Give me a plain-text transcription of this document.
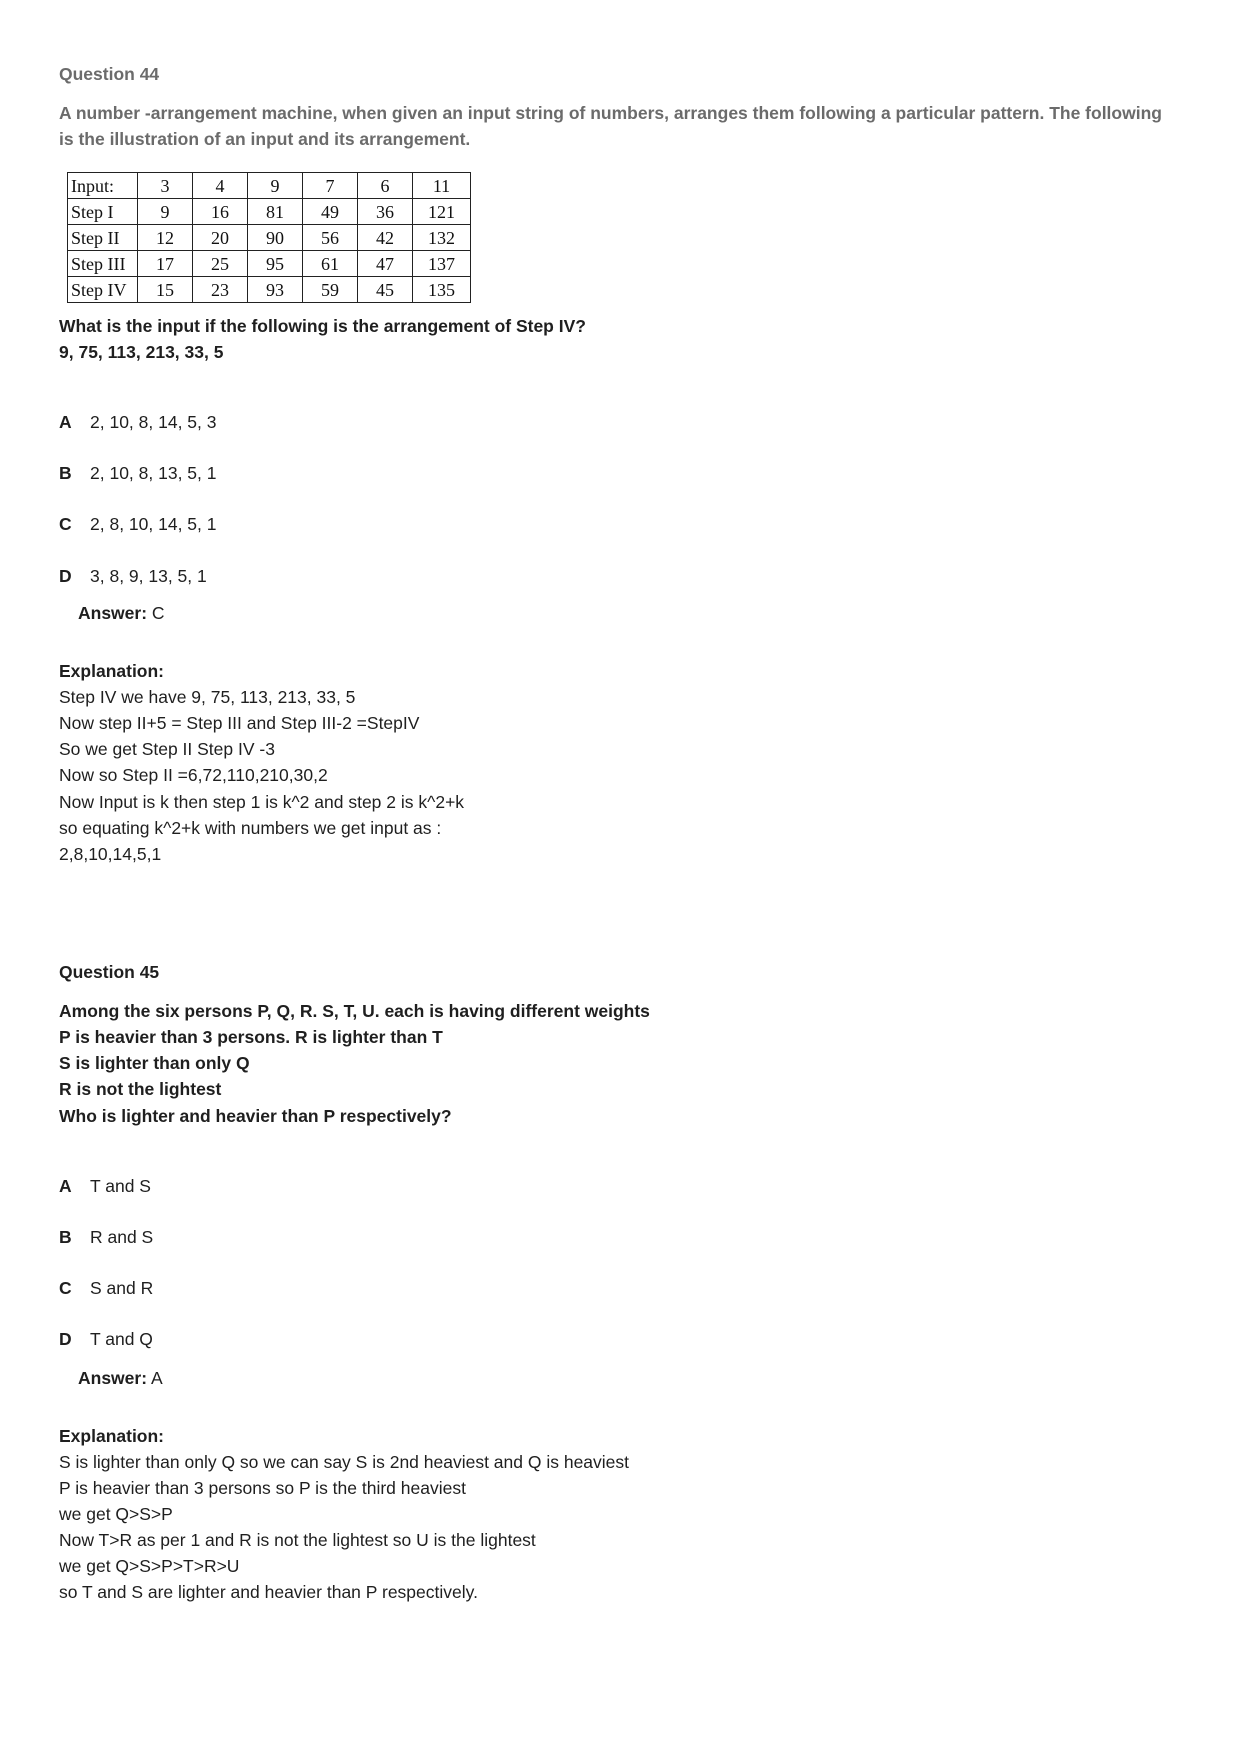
Question 44
A number -arrangement machine, when given an input string of numbers, arranges them following a particular pattern. The following is the illustration of an input and its arrangement.
Input:	3	4	9	7	6	11
Step I	9	16	81	49	36	121
Step II	12	20	90	56	42	132
Step III	17	25	95	61	47	137
Step IV	15	23	93	59	45	135
What is the input if the following is the arrangement of Step IV?
9, 75, 113, 213, 33, 5
A 2, 10, 8, 14, 5, 3
B 2, 10, 8, 13, 5, 1
C 2, 8, 10, 14, 5, 1
D 3, 8, 9, 13, 5, 1
Answer: C
Explanation:
Step IV we have 9, 75, 113, 213, 33, 5
Now step II+5 = Step III and Step III-2 =StepIV
So we get Step II Step IV -3
Now so Step II =6,72,110,210,30,2
Now Input is k then step 1 is k^2 and step 2 is k^2+k
so equating k^2+k with numbers we get input as :
2,8,10,14,5,1
Question 45
Among the six persons P, Q, R. S, T, U. each is having different weights
P is heavier than 3 persons. R is lighter than T
S is lighter than only Q
R is not the lightest
Who is lighter and heavier than P respectively?
A T and S
B R and S
C S and R
D T and Q
Answer: A
Explanation:
S is lighter than only Q so we can say S is 2nd heaviest and Q is heaviest
P is heavier than 3 persons so P is the third heaviest
we get Q>S>P
Now T>R as per 1 and R is not the lightest so U is the lightest
we get Q>S>P>T>R>U
so T and S are lighter and heavier than P respectively.
